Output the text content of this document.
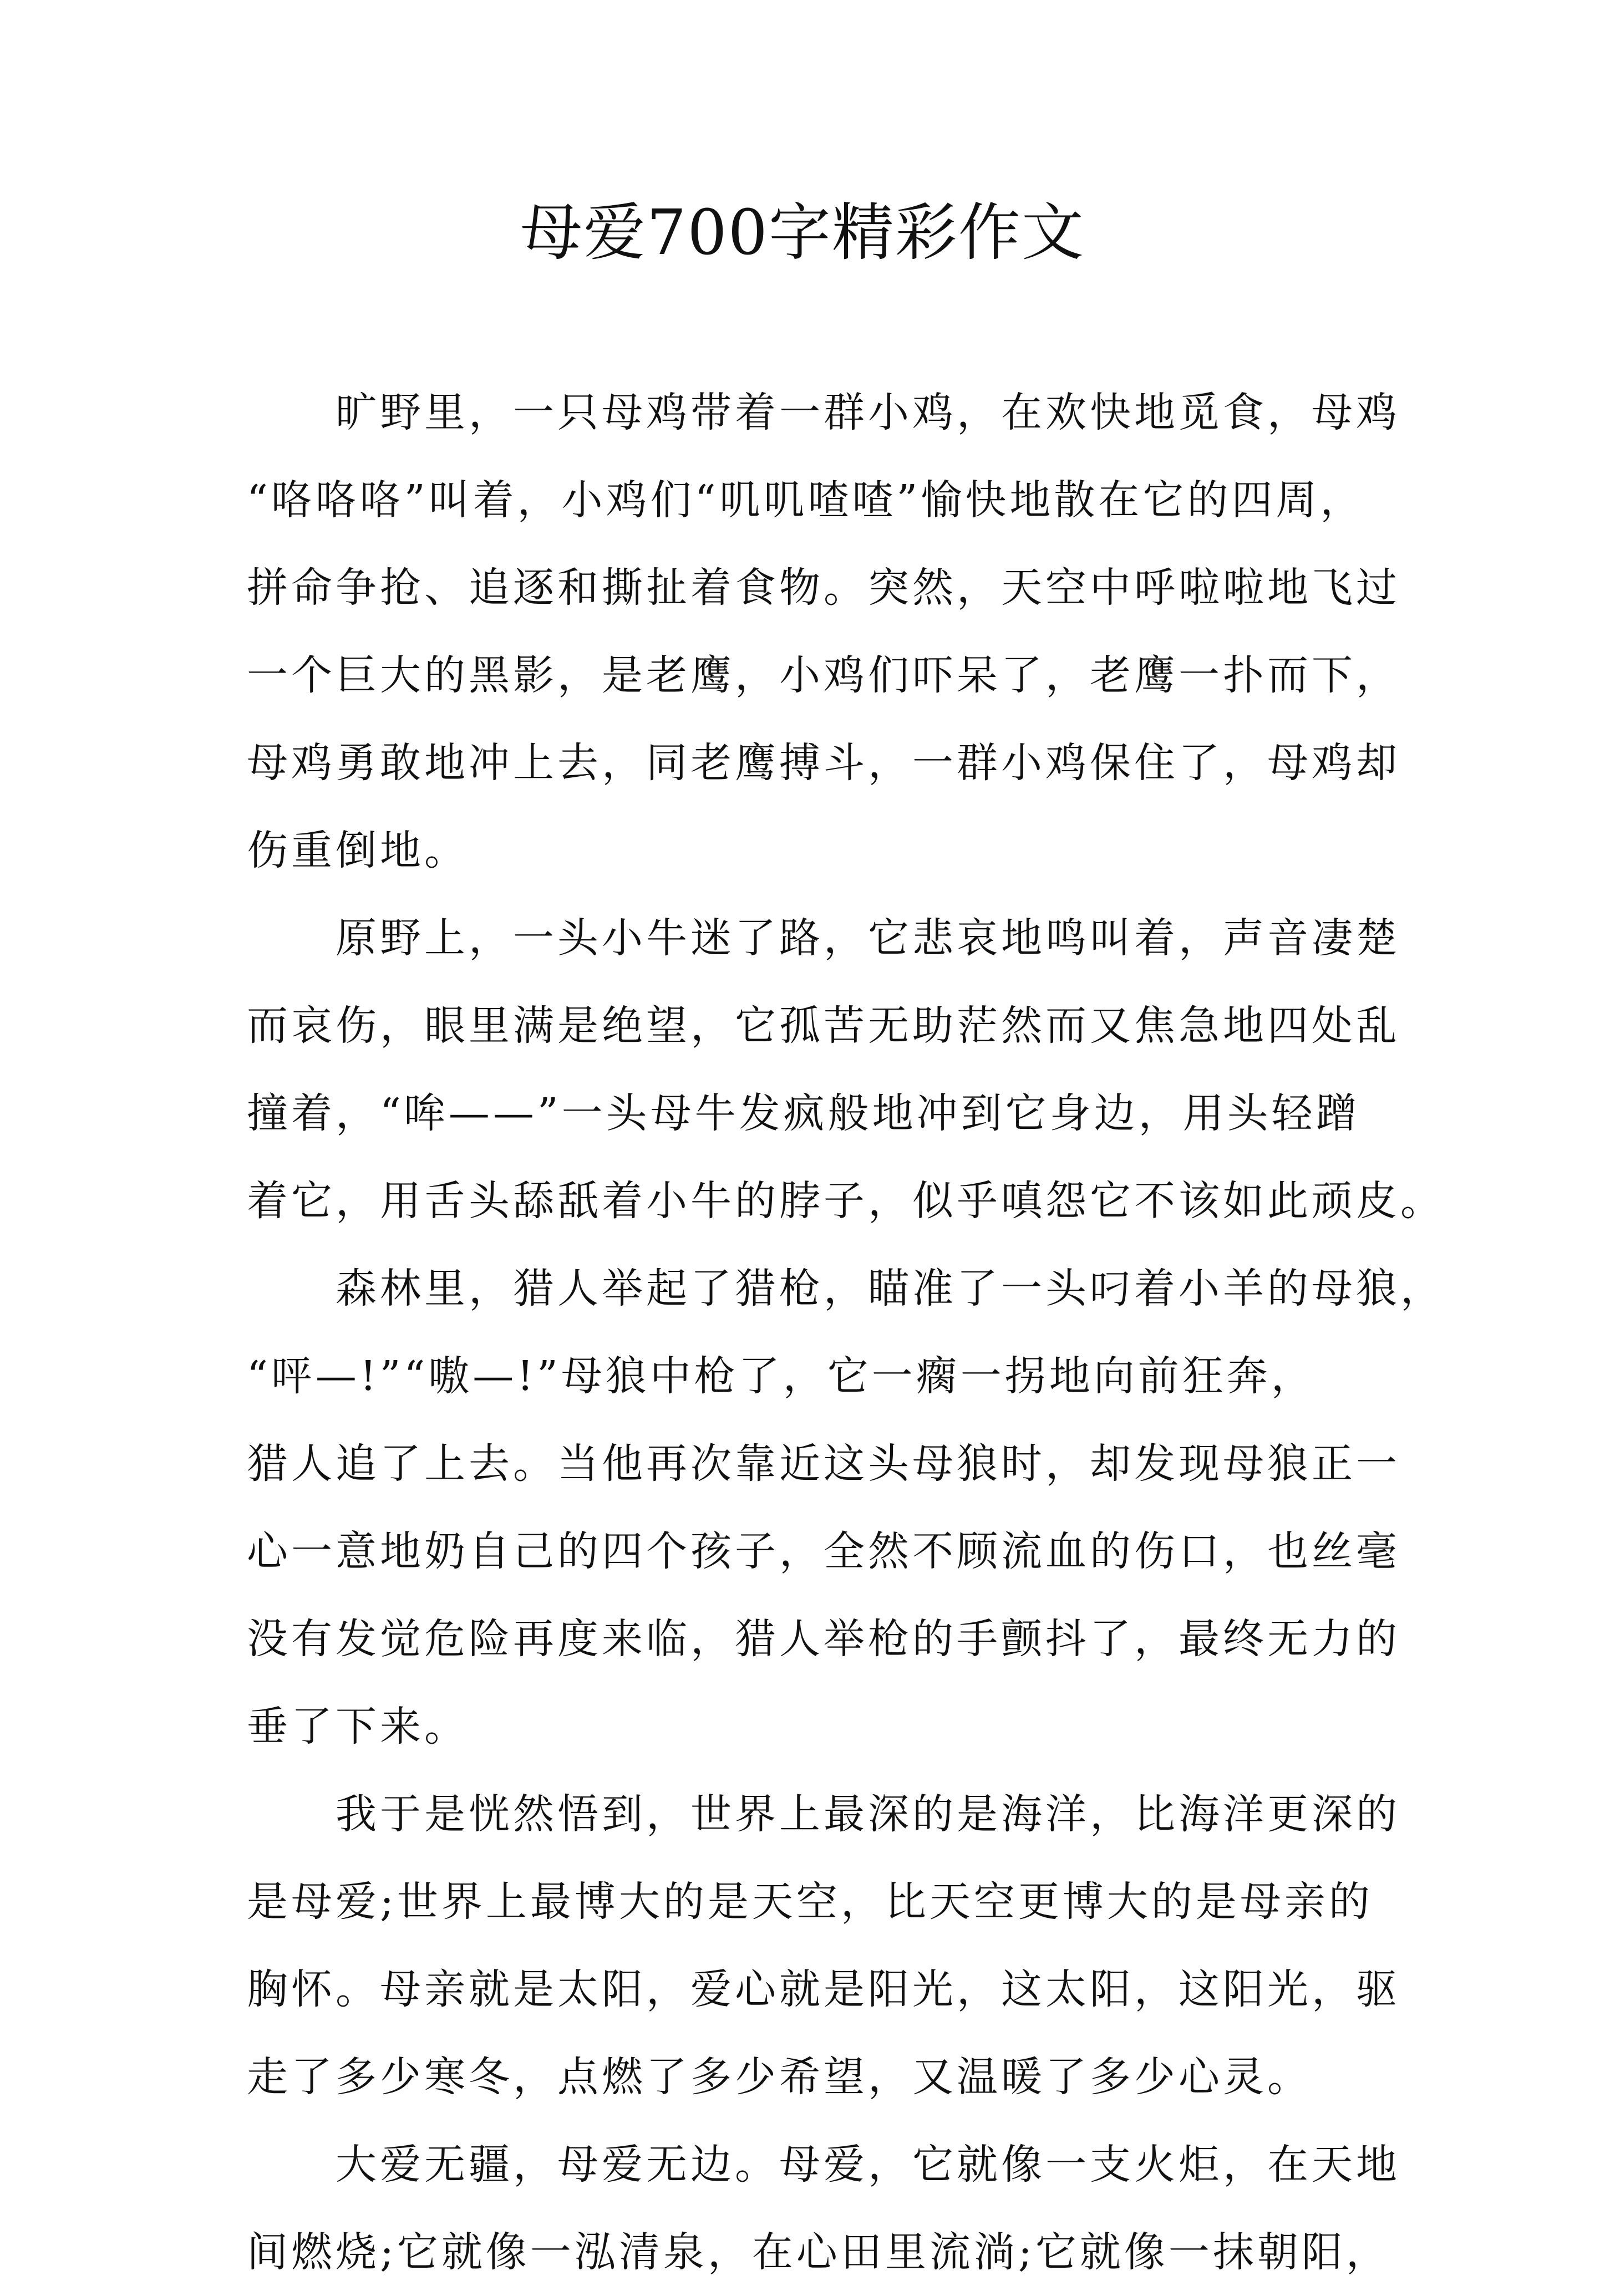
母爱700字精彩作文
旷野里，一只母鸡带着一群小鸡，在欢快地觅食，母鸡
“咯咯咯”叫着，小鸡们“叽叽喳喳”愉快地散在它的四周，
拼命争抢、追逐和撕扯着食物。突然，天空中呼啦啦地飞过
一个巨大的黑影，是老鹰，小鸡们吓呆了，老鹰一扑而下，
母鸡勇敢地冲上去，同老鹰搏斗，一群小鸡保住了，母鸡却
伤重倒地。
原野上，一头小牛迷了路，它悲哀地鸣叫着，声音凄楚
而哀伤，眼里满是绝望，它孤苦无助茫然而又焦急地四处乱
撞着，“哞——”一头母牛发疯般地冲到它身边，用头轻蹭
着它，用舌头舔舐着小牛的脖子，似乎嗔怨它不该如此顽皮。
森林里，猎人举起了猎枪，瞄准了一头叼着小羊的母狼，
“呯—!”“嗷—!”母狼中枪了，它一瘸一拐地向前狂奔，
猎人追了上去。当他再次靠近这头母狼时，却发现母狼正一
心一意地奶自己的四个孩子，全然不顾流血的伤口，也丝毫
没有发觉危险再度来临，猎人举枪的手颤抖了，最终无力的
垂了下来。
我于是恍然悟到，世界上最深的是海洋，比海洋更深的
是母爱;世界上最博大的是天空，比天空更博大的是母亲的
胸怀。母亲就是太阳，爱心就是阳光，这太阳，这阳光，驱
走了多少寒冬，点燃了多少希望，又温暖了多少心灵。
大爱无疆，母爱无边。母爱，它就像一支火炬，在天地
间燃烧;它就像一泓清泉，在心田里流淌;它就像一抹朝阳，
